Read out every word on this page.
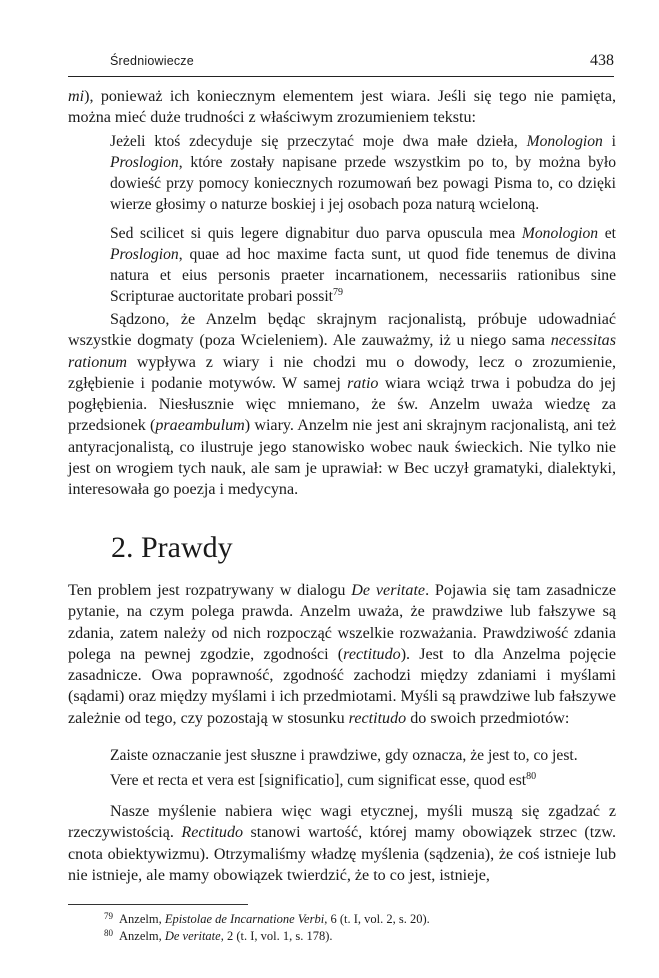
Średniowiecze	438

mi), ponieważ ich koniecznym elementem jest wiara. Jeśli się tego nie pamięta, można mieć duże trudności z właściwym zrozumieniem tekstu:

Jeżeli ktoś zdecyduje się przeczytać moje dwa małe dzieła, Monologion i Proslogion, które zostały napisane przede wszystkim po to, by można było dowieść przy pomocy koniecznych rozumowań bez powagi Pisma to, co dzięki wierze głosimy o naturze boskiej i jej osobach poza naturą wcieloną.

Sed scilicet si quis legere dignabitur duo parva opuscula mea Monologion et Proslogion, quae ad hoc maxime facta sunt, ut quod fide tenemus de divina natura et eius personis praeter incarnationem, necessariis rationibus sine Scripturae auctoritate probari possit$^{79}$

Sądzono, że Anzelm będąc skrajnym racjonalistą, próbuje udowadniać wszystkie dogmaty (poza Wcieleniem). Ale zauważmy, iż u niego sama necessitas rationum wypływa z wiary i nie chodzi mu o dowody, lecz o zrozumienie, zgłębienie i podanie motywów. W samej ratio wiara wciąż trwa i pobudza do jej pogłębienia. Niesłusznie więc mniemano, że św. Anzelm uważa wiedzę za przedsionek (praeambulum) wiary. Anzelm nie jest ani skrajnym racjonalistą, ani też antyracjonalistą, co ilustruje jego stanowisko wobec nauk świeckich. Nie tylko nie jest on wrogiem tych nauk, ale sam je uprawiał: w Bec uczył gramatyki, dialektyki, interesowała go poezja i medycyna.

2. Prawdy

Ten problem jest rozpatrywany w dialogu De veritate. Pojawia się tam zasadnicze pytanie, na czym polega prawda. Anzelm uważa, że prawdziwe lub fałszywe są zdania, zatem należy od nich rozpocząć wszelkie rozważania. Prawdziwość zdania polega na pewnej zgodzie, zgodności (rectitudo). Jest to dla Anzelma pojęcie zasadnicze. Owa poprawność, zgodność zachodzi między zdaniami i myślami (sądami) oraz między myślami i ich przedmiotami. Myśli są prawdziwe lub fałszywe zależnie od tego, czy pozostają w stosunku rectitudo do swoich przedmiotów:

Zaiste oznaczanie jest słuszne i prawdziwe, gdy oznacza, że jest to, co jest.

Vere et recta et vera est [significatio], cum significat esse, quod est$^{80}$

Nasze myślenie nabiera więc wagi etycznej, myśli muszą się zgadzać z rzeczywistością. Rectitudo stanowi wartość, której mamy obowiązek strzec (tzw. cnota obiektywizmu). Otrzymaliśmy władzę myślenia (sądzenia), że coś istnieje lub nie istnieje, ale mamy obowiązek twierdzić, że to co jest, istnieje,

$^{79}$ Anzelm, Epistolae de Incarnatione Verbi, 6 (t. I, vol. 2, s. 20).
$^{80}$ Anzelm, De veritate, 2 (t. I, vol. 1, s. 178).
